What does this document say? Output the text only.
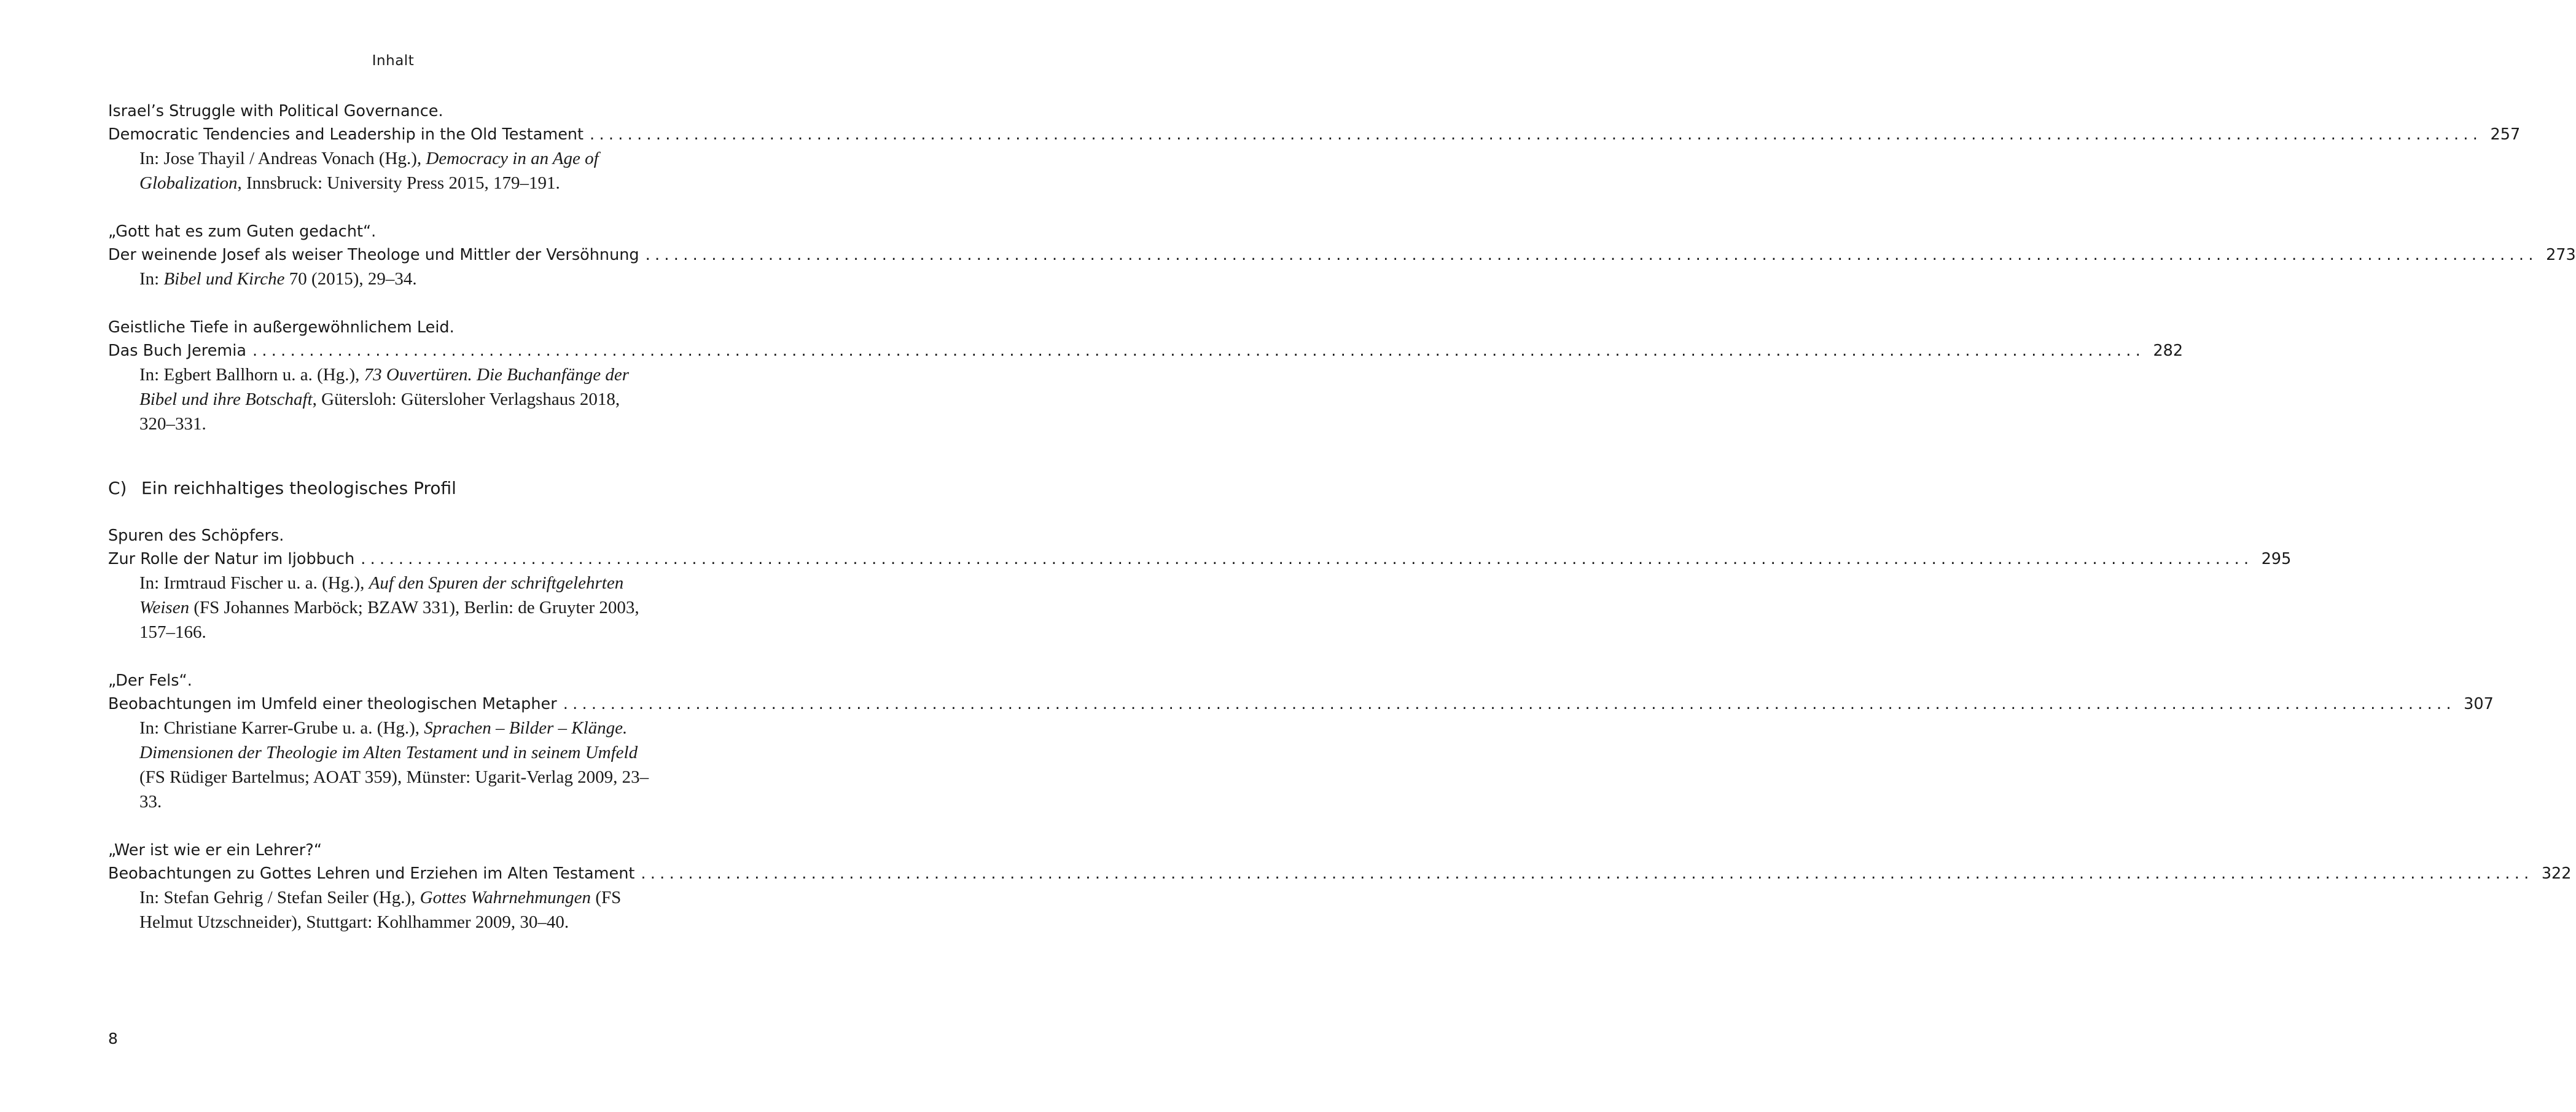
Inhalt
Israel’s Struggle with Political Governance.
Democratic Tendencies and Leadership in the Old Testament ........................................................................................................................................................................................................ 257
In: Jose Thayil / Andreas Vonach (Hg.), Democracy in an Age of Globalization, Innsbruck: University Press 2015, 179–191.
„Gott hat es zum Guten gedacht“.
Der weinende Josef als weiser Theologe und Mittler der Versöhnung ........................................................................................................................................................................................................ 273
In: Bibel und Kirche 70 (2015), 29–34.
Geistliche Tiefe in außergewöhnlichem Leid.
Das Buch Jeremia ........................................................................................................................................................................................................ 282
In: Egbert Ballhorn u. a. (Hg.), 73 Ouvertüren. Die Buchanfänge der Bibel und ihre Botschaft, Gütersloh: Gütersloher Verlagshaus 2018, 320–331.
C) Ein reichhaltiges theologisches Profil
Spuren des Schöpfers.
Zur Rolle der Natur im Ijobbuch ........................................................................................................................................................................................................ 295
In: Irmtraud Fischer u. a. (Hg.), Auf den Spuren der schriftgelehrten Weisen (FS Johannes Marböck; BZAW 331), Berlin: de Gruyter 2003, 157–166.
„Der Fels“.
Beobachtungen im Umfeld einer theologischen Metapher ........................................................................................................................................................................................................ 307
In: Christiane Karrer-Grube u. a. (Hg.), Sprachen – Bilder – Klänge. Dimensionen der Theologie im Alten Testament und in seinem Umfeld (FS Rüdiger Bartelmus; AOAT 359), Münster: Ugarit-Verlag 2009, 23–33.
„Wer ist wie er ein Lehrer?“
Beobachtungen zu Gottes Lehren und Erziehen im Alten Testament ........................................................................................................................................................................................................ 322
In: Stefan Gehrig / Stefan Seiler (Hg.), Gottes Wahrnehmungen (FS Helmut Utzschneider), Stuttgart: Kohlhammer 2009, 30–40.
8
